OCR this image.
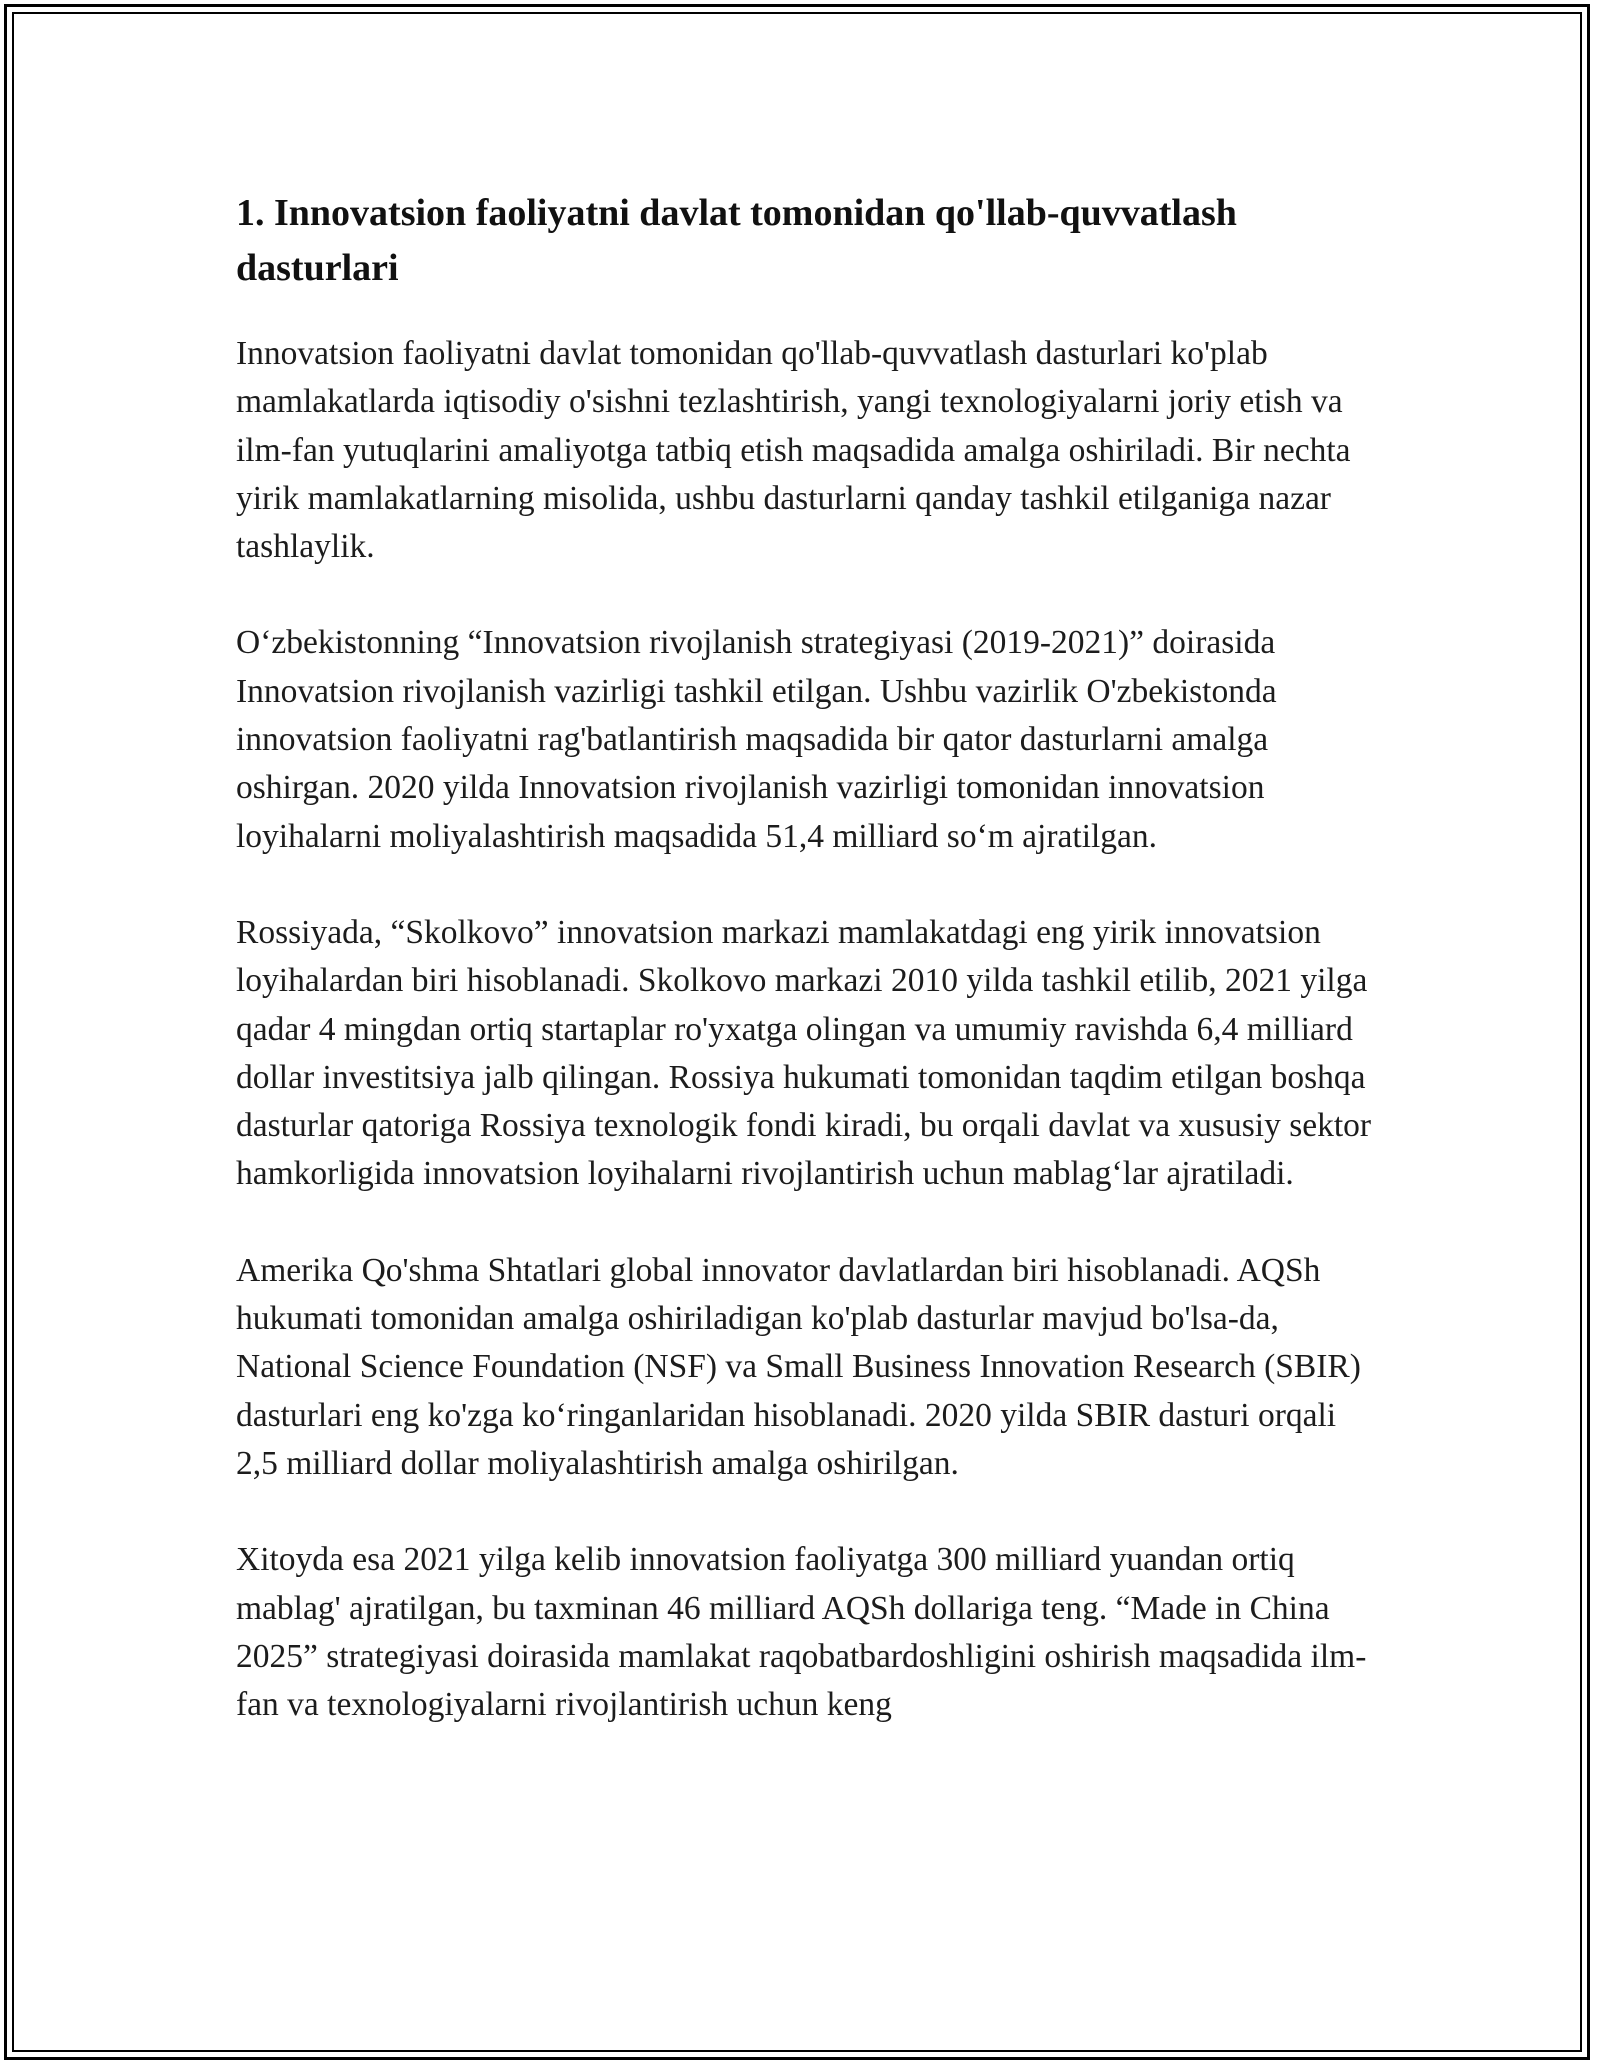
1. Innovatsion faoliyatni davlat tomonidan qo'llab-quvvatlash dasturlari

Innovatsion faoliyatni davlat tomonidan qo'llab-quvvatlash dasturlari ko'plab mamlakatlarda iqtisodiy o'sishni tezlashtirish, yangi texnologiyalarni joriy etish va ilm-fan yutuqlarini amaliyotga tatbiq etish maqsadida amalga oshiriladi. Bir nechta yirik mamlakatlarning misolida, ushbu dasturlarni qanday tashkil etilganiga nazar tashlaylik.

O‘zbekistonning “Innovatsion rivojlanish strategiyasi (2019-2021)” doirasida Innovatsion rivojlanish vazirligi tashkil etilgan. Ushbu vazirlik O'zbekistonda innovatsion faoliyatni rag'batlantirish maqsadida bir qator dasturlarni amalga oshirgan. 2020 yilda Innovatsion rivojlanish vazirligi tomonidan innovatsion loyihalarni moliyalashtirish maqsadida 51,4 milliard so‘m ajratilgan.

Rossiyada, “Skolkovo” innovatsion markazi mamlakatdagi eng yirik innovatsion loyihalardan biri hisoblanadi. Skolkovo markazi 2010 yilda tashkil etilib, 2021 yilga qadar 4 mingdan ortiq startaplar ro'yxatga olingan va umumiy ravishda 6,4 milliard dollar investitsiya jalb qilingan. Rossiya hukumati tomonidan taqdim etilgan boshqa dasturlar qatoriga Rossiya texnologik fondi kiradi, bu orqali davlat va xususiy sektor hamkorligida innovatsion loyihalarni rivojlantirish uchun mablag‘lar ajratiladi.

Amerika Qo'shma Shtatlari global innovator davlatlardan biri hisoblanadi. AQSh hukumati tomonidan amalga oshiriladigan ko'plab dasturlar mavjud bo'lsa-da, National Science Foundation (NSF) va Small Business Innovation Research (SBIR) dasturlari eng ko'zga ko‘ringanlaridan hisoblanadi. 2020 yilda SBIR dasturi orqali 2,5 milliard dollar moliyalashtirish amalga oshirilgan.

Xitoyda esa 2021 yilga kelib innovatsion faoliyatga 300 milliard yuandan ortiq mablag' ajratilgan, bu taxminan 46 milliard AQSh dollariga teng. “Made in China 2025” strategiyasi doirasida mamlakat raqobatbardoshligini oshirish maqsadida ilm-fan va texnologiyalarni rivojlantirish uchun keng
